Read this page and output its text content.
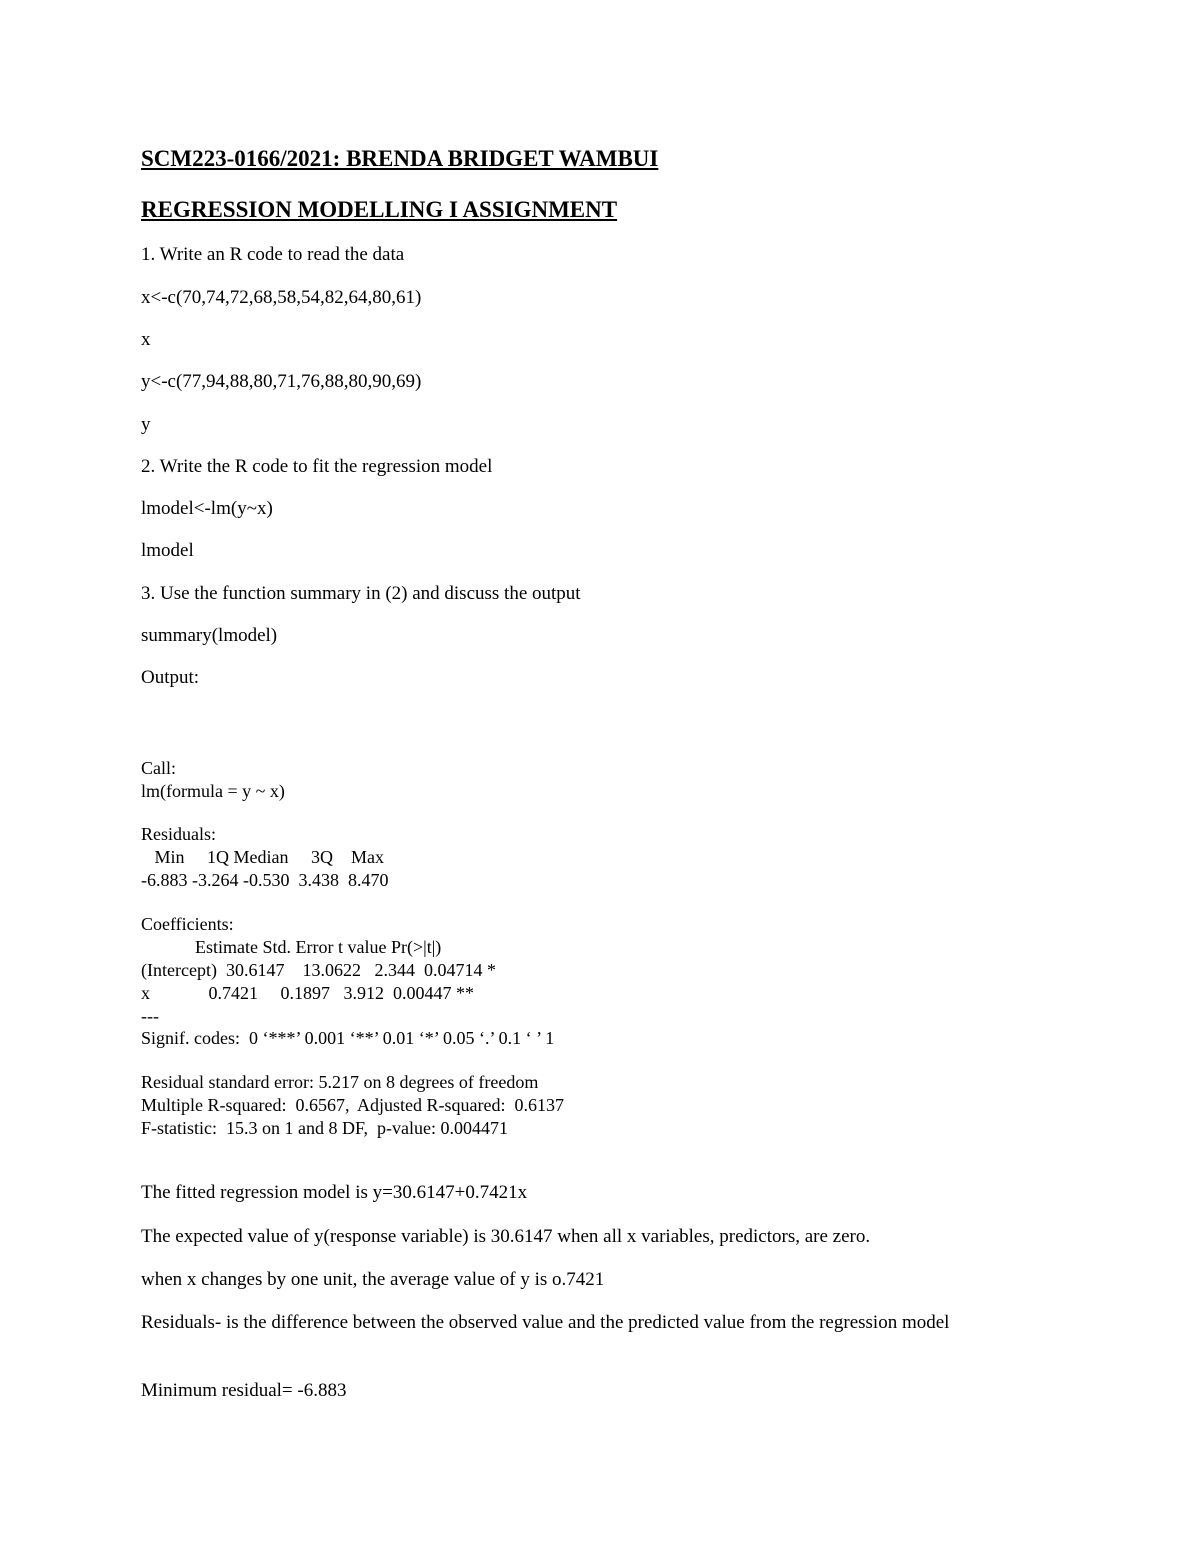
SCM223-0166/2021: BRENDA BRIDGET WAMBUI

REGRESSION MODELLING I ASSIGNMENT

1. Write an R code to read the data

x<-c(70,74,72,68,58,54,82,64,80,61)

x

y<-c(77,94,88,80,71,76,88,80,90,69)

y

2. Write the R code to fit the regression model

lmodel<-lm(y~x)

lmodel

3. Use the function summary in (2) and discuss the output

summary(lmodel)

Output:

Call:

lm(formula = y ~ x)

Residuals:

Min     1Q Median     3Q    Max

-6.883 -3.264 -0.530  3.438  8.470

Coefficients:

Estimate Std. Error t value Pr(>|t|)

(Intercept)  30.6147    13.0622   2.344  0.04714 *

x             0.7421     0.1897   3.912  0.00447 **

---

Signif. codes:  0 ‘***’ 0.001 ‘**’ 0.01 ‘*’ 0.05 ‘.’ 0.1 ‘ ’ 1

Residual standard error: 5.217 on 8 degrees of freedom

Multiple R-squared:  0.6567,	Adjusted R-squared:  0.6137

F-statistic:  15.3 on 1 and 8 DF,  p-value: 0.004471

The fitted regression model is y=30.6147+0.7421x

The expected value of y(response variable) is 30.6147 when all x variables, predictors, are zero.

when x changes by one unit, the average value of y is o.7421

Residuals- is the difference between the observed value and the predicted value from the regression model

Minimum residual= -6.883
